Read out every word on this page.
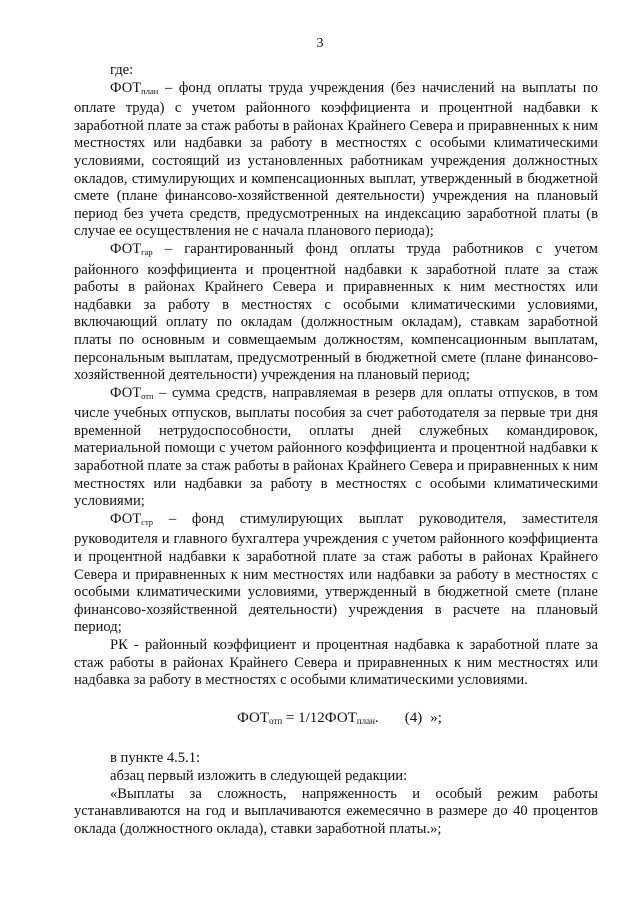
3

где:

$ФОТ_{план}$ – фонд оплаты труда учреждения (без начислений на выплаты по оплате труда) с учетом районного коэффициента и процентной надбавки к заработной плате за стаж работы в районах Крайнего Севера и приравненных к ним местностях или надбавки за работу в местностях с особыми климатическими условиями, состоящий из установленных работникам учреждения должностных окладов, стимулирующих и компенсационных выплат, утвержденный в бюджетной смете (плане финансово-хозяйственной деятельности) учреждения на плановый период без учета средств, предусмотренных на индексацию заработной платы (в случае ее осуществления не с начала планового периода);

$ФОТ_{гар}$ – гарантированный фонд оплаты труда работников с учетом районного коэффициента и процентной надбавки к заработной плате за стаж работы в районах Крайнего Севера и приравненных к ним местностях или надбавки за работу в местностях с особыми климатическими условиями, включающий оплату по окладам (должностным окладам), ставкам заработной платы по основным и совмещаемым должностям, компенсационным выплатам, персональным выплатам, предусмотренный в бюджетной смете (плане финансово-хозяйственной деятельности) учреждения на плановый период;

$ФОТ_{отп}$ – сумма средств, направляемая в резерв для оплаты отпусков, в том числе учебных отпусков, выплаты пособия за счет работодателя за первые три дня временной нетрудоспособности, оплаты дней служебных командировок, материальной помощи с учетом районного коэффициента и процентной надбавки к заработной плате за стаж работы в районах Крайнего Севера и приравненных к ним местностях или надбавки за работу в местностях с особыми климатическими условиями;

$ФОТ_{стр}$ – фонд стимулирующих выплат руководителя, заместителя руководителя и главного бухгалтера учреждения с учетом районного коэффициента и процентной надбавки к заработной плате за стаж работы в районах Крайнего Севера и приравненных к ним местностях или надбавки за работу в местностях с особыми климатическими условиями, утвержденный в бюджетной смете (плане финансово-хозяйственной деятельности) учреждения в расчете на плановый период;

РК - районный коэффициент и процентная надбавка к заработной плате за стаж работы в районах Крайнего Севера и приравненных к ним местностях или надбавка за работу в местностях с особыми климатическими условиями.

$ФОТ_{отп} = 1/12ФОТ_{план}$. (4) »;

в пункте 4.5.1:

абзац первый изложить в следующей редакции:

«Выплаты за сложность, напряженность и особый режим работы устанавливаются на год и выплачиваются ежемесячно в размере до 40 процентов оклада (должностного оклада), ставки заработной платы.»;
